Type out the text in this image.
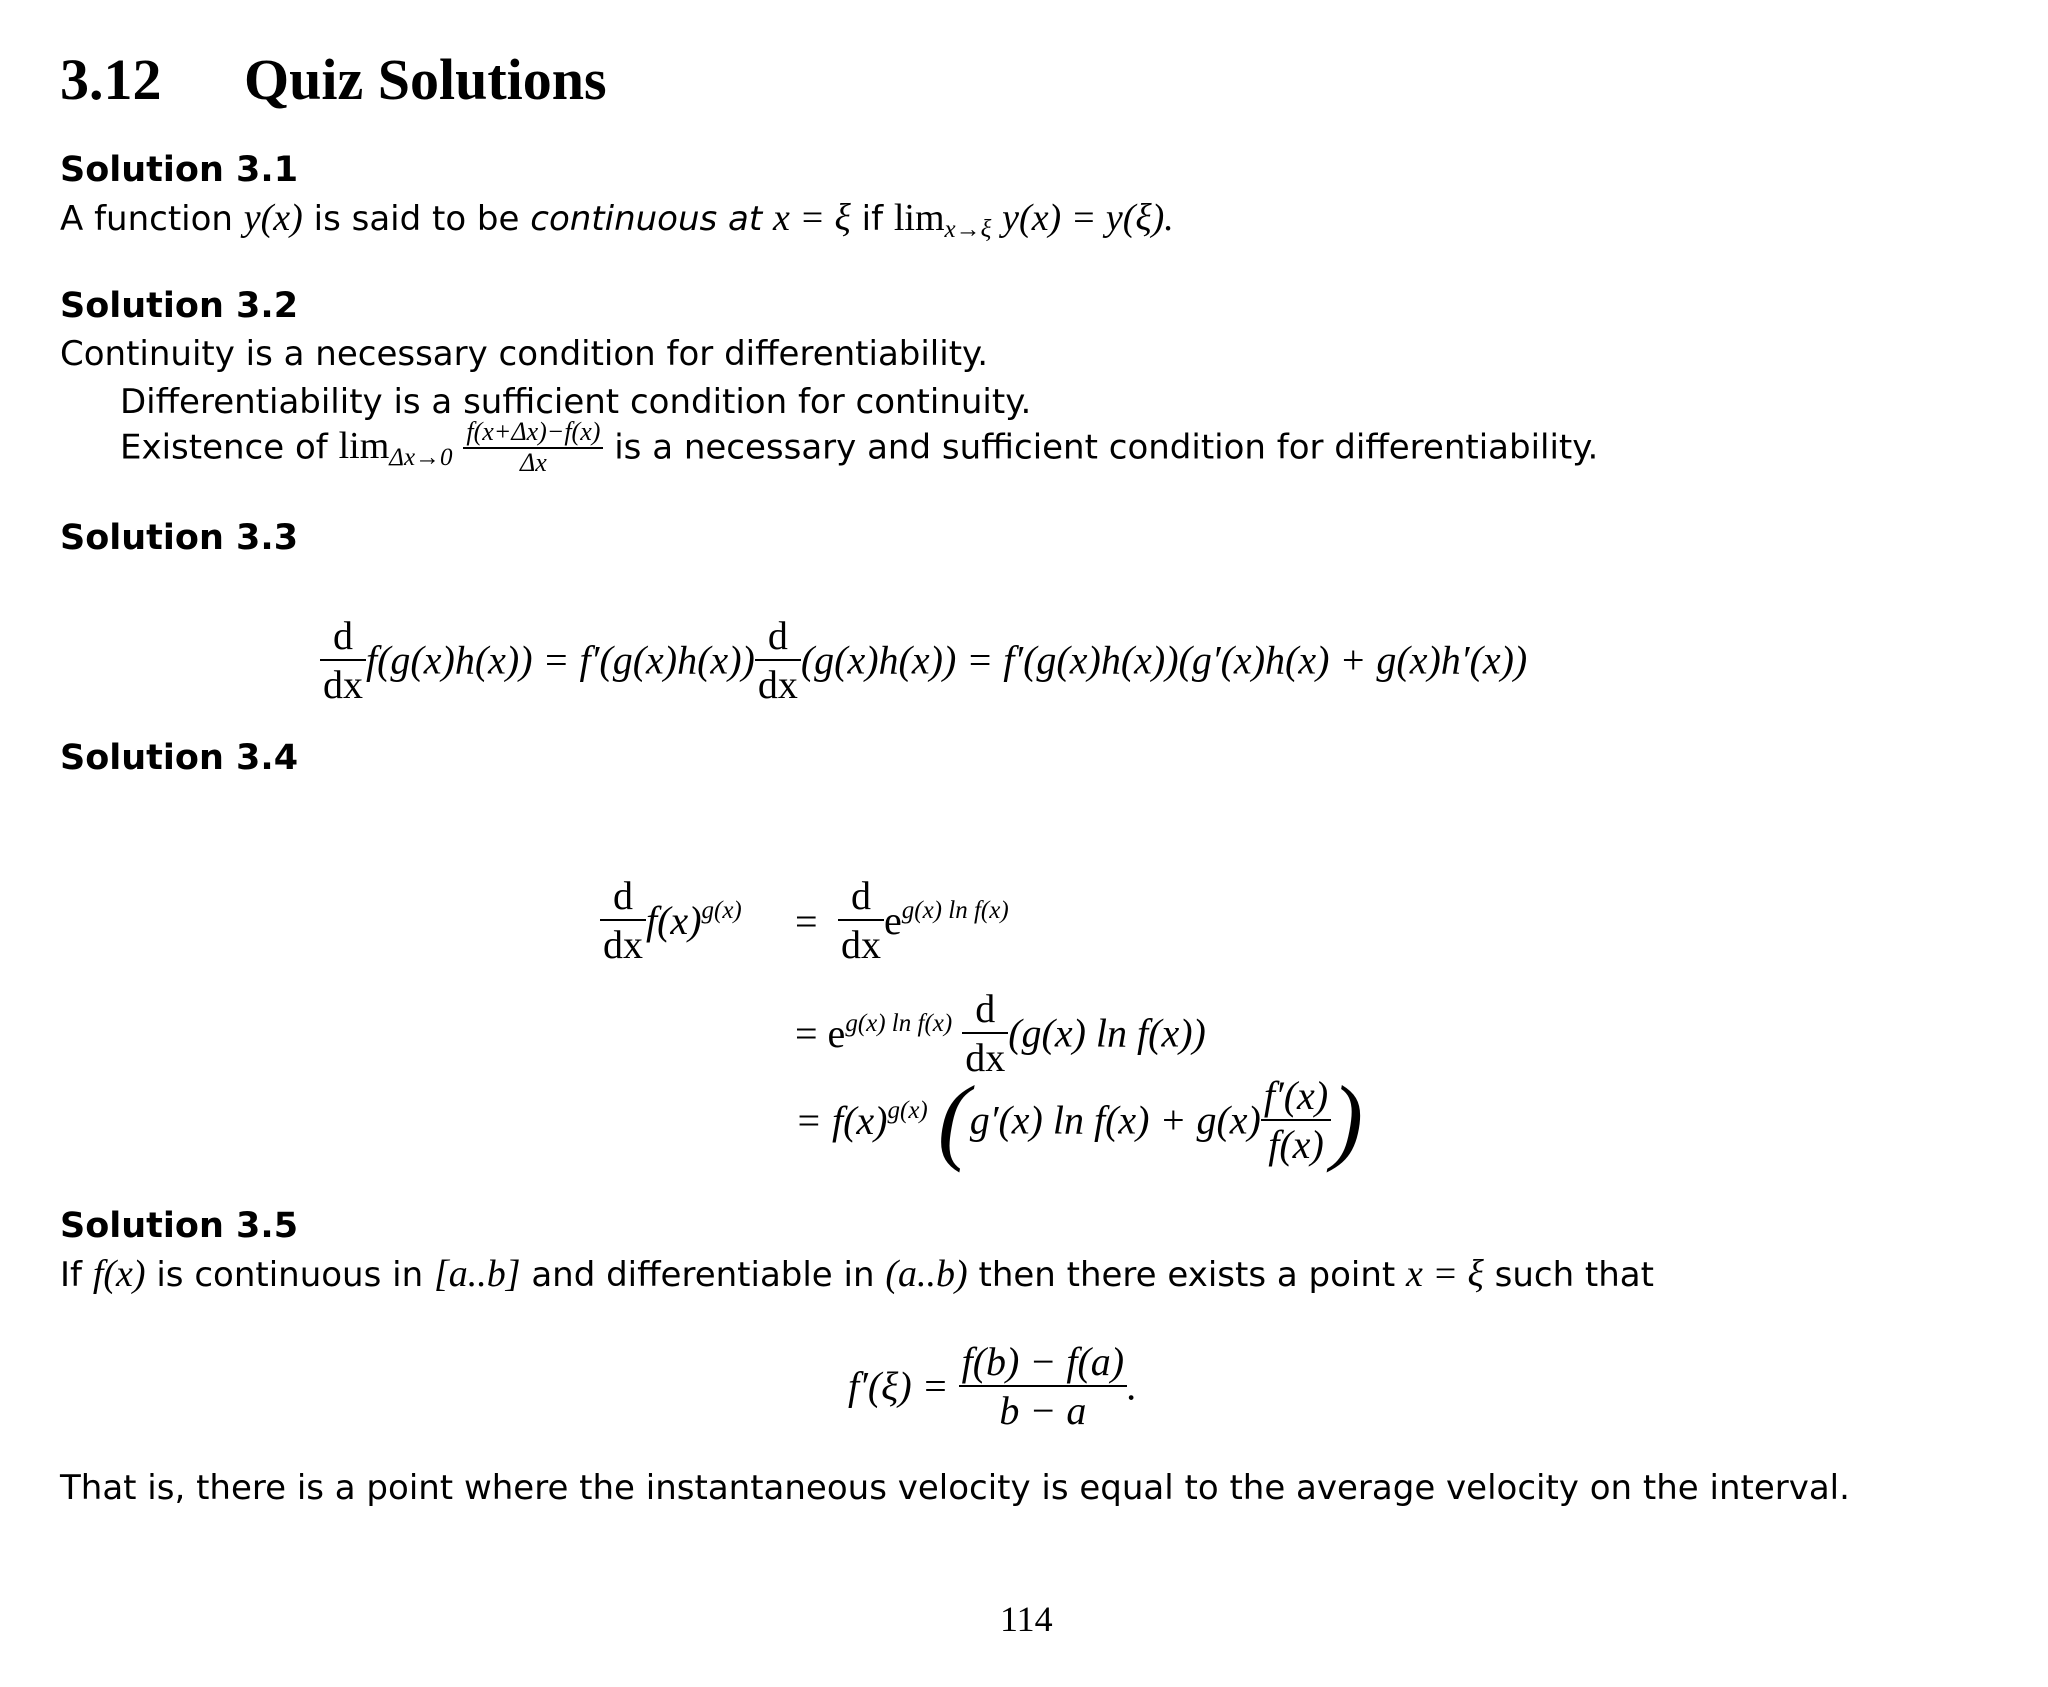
3.12 Quiz Solutions
Solution 3.1
A function y(x) is said to be continuous at x = ξ if $\lim_{x\to\xi} y(x) = y(\xi)$.
Solution 3.2
Continuity is a necessary condition for differentiability.
Differentiability is a sufficient condition for continuity.
Existence of $\lim_{\Delta x\to 0} \frac{f(x+\Delta x)-f(x)}{\Delta x}$ is a necessary and sufficient condition for differentiability.
Solution 3.3
$\frac{d}{dx} f(g(x)h(x)) = f'(g(x)h(x)) \frac{d}{dx} (g(x)h(x)) = f'(g(x)h(x))(g'(x)h(x) + g(x)h'(x))$
Solution 3.4
$\frac{d}{dx} f(x)^{g(x)} = \frac{d}{dx} e^{g(x) ln f(x)}$
= $e^{g(x) ln f(x)} \frac{d}{dx} (g(x)$ ln f(x))
= $f(x)^{g(x)}$ (g′(x) $\ln f(x) + g(x) \frac{f'(x)}{f(x)}$ )
Solution 3.5
If f(x) is continuous in [a..b] and differentiable in (a..b) then there exists a point x = ξ such that
$f'(\xi) = \frac{f(b) - f(a)}{b - a}$ .
That is, there is a point where the instantaneous velocity is equal to the average velocity on the interval.
114
